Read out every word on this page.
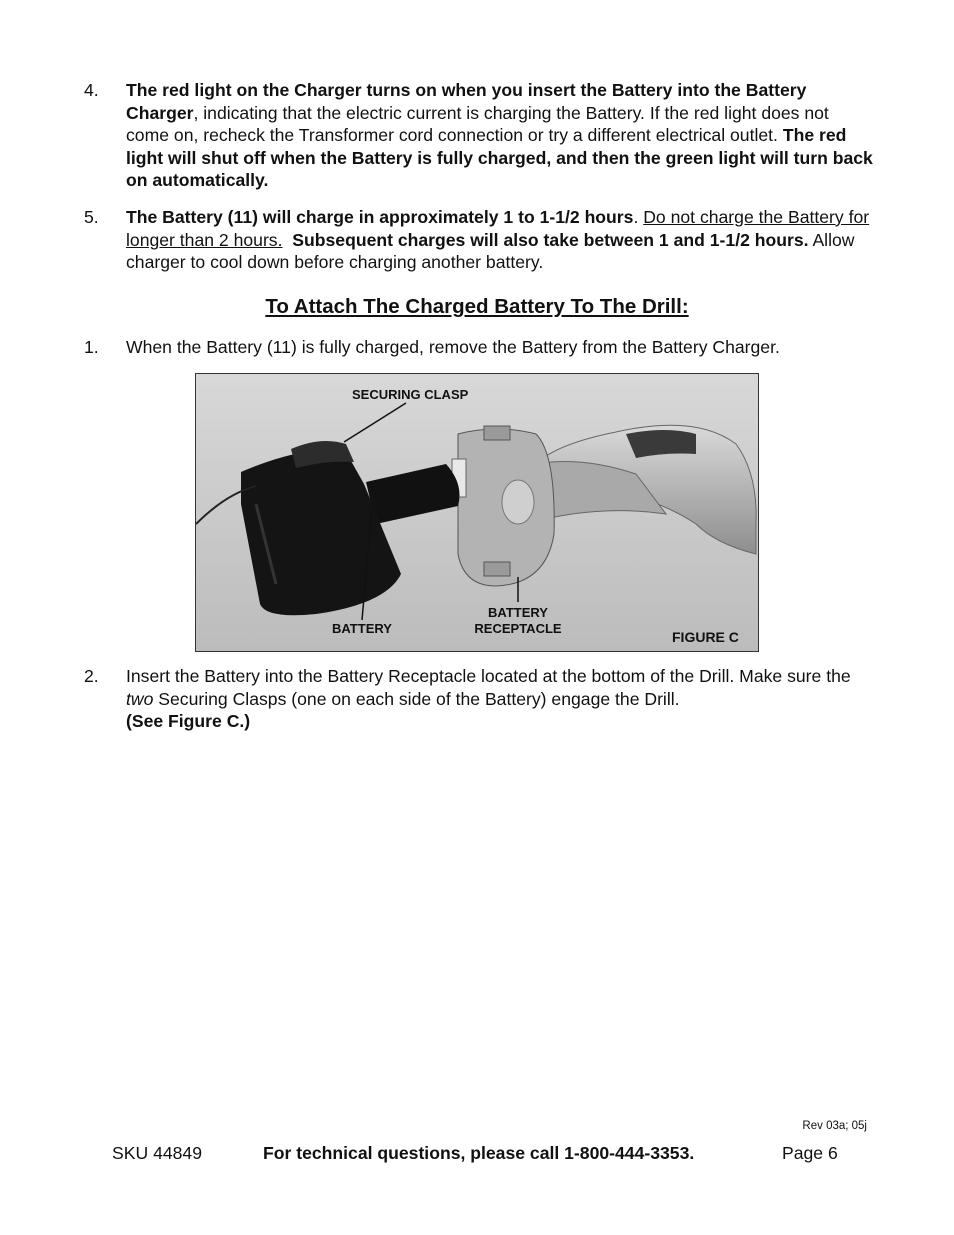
4.	The red light on the Charger turns on when you insert the Battery into the Battery Charger, indicating that the electric current is charging the Battery. If the red light does not come on, recheck the Transformer cord connection or try a different electrical outlet. The red light will shut off when the Battery is fully charged, and then the green light will turn back on automatically.
5.	The Battery (11) will charge in approximately 1 to 1-1/2 hours. Do not charge the Battery for longer than 2 hours. Subsequent charges will also take between 1 and 1-1/2 hours. Allow charger to cool down before charging another battery.
To Attach The Charged Battery To The Drill:
1.	When the Battery (11) is fully charged, remove the Battery from the Battery Charger.
SECURING CLASP
BATTERY
BATTERY
RECEPTACLE
FIGURE C
2.	Insert the Battery into the Battery Receptacle located at the bottom of the Drill. Make sure the two Securing Clasps (one on each side of the Battery) engage the Drill.
(See Figure C.)
Rev 03a; 05j
SKU 44849	For technical questions, please call 1-800-444-3353.	Page 6
